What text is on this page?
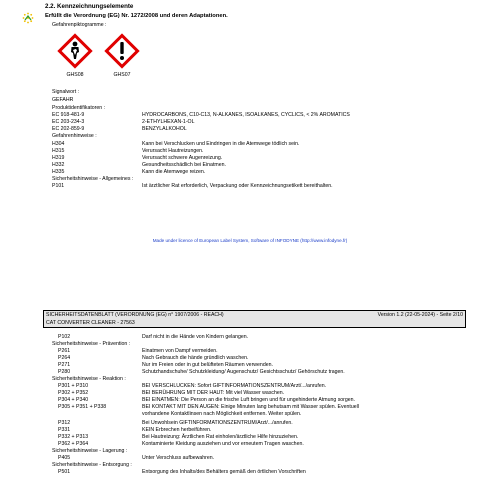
2.2. Kennzeichnungselemente
Erfüllt die Verordnung (EG) Nr. 1272/2008 und deren Adaptationen.
Gefahrenpiktogramme :
GHS08	GHS07
Signalwort :
GEFAHR
Produktidentifikatoren :
EC 918-481-9	HYDROCARBONS, C10-C13, N-ALKANES, ISOALKANES, CYCLICS, < 2% AROMATICS
EC 203-234-3	2-ETHYLHEXAN-1-OL
EC 202-859-9	BENZYLALKOHOL
Gefahrenhinweise :
H304	Kann bei Verschlucken und Eindringen in die Atemwege tödlich sein.
H315	Verursacht Hautreizungen.
H319	Verursacht schwere Augenreizung.
H332	Gesundheitsschädlich bei Einatmen.
H335	Kann die Atemwege reizen.
Sicherheitshinweise - Allgemeines :
P101	Ist ärztlicher Rat erforderlich, Verpackung oder Kennzeichnungsetikett bereithalten.
Made under licence of European Label System, Software of INFODYNE (http://www.infodyne.fr)
SICHERHEITSDATENBLATT (VERORDNUNG (EG) n° 1907/2006 - REACH)	Version 1.2 (22-05-2024) - Seite 2/10
CAT CONVERTER CLEANER - 27563
P102	Darf nicht in die Hände von Kindern gelangen.
Sicherheitshinweise - Prävention :
P261	Einatmen von Dampf vermeiden.
P264	Nach Gebrauch die hände gründlich waschen.
P271	Nur im Freien oder in gut belüfteten Räumen verwenden.
P280	Schutzhandschuhe/ Schutzkleidung/ Augenschutz/ Gesichtsschutz/ Gehörschutz tragen.
Sicherheitshinweise - Reaktion :
P301 + P310	BEI VERSCHLUCKEN: Sofort GIFTINFORMATIONSZENTRUM/Arzt/.../anrufen.
P302 + P352	BEI BERÜHRUNG MIT DER HAUT: Mit viel Wasser waschen.
P304 + P340	BEI EINATMEN: Die Person an die frische Luft bringen und für ungehinderte Atmung sorgen.
P305 + P351 + P338	BEI KONTAKT MIT DEN AUGEN: Einige Minuten lang behutsam mit Wasser spülen. Eventuell
vorhandene Kontaktlinsen nach Möglichkeit entfernen. Weiter spülen.
P312	Bei Unwohlsein GIFTINFORMATIONSZENTRUM/Arzt/.../anrufen.
P331	KEIN Erbrechen herbeiführen.
P332 + P313	Bei Hautreizung: Ärztlichen Rat einholen/ärztliche Hilfe hinzuziehen.
P362 + P364	Kontaminierte Kleidung ausziehen und vor erneutem Tragen waschen.
Sicherheitshinweise - Lagerung :
P405	Unter Verschluss aufbewahren.
Sicherheitshinweise - Entsorgung :
P501	Entsorgung des Inhalts/des Behälters gemäß den örtlichen Vorschriften
